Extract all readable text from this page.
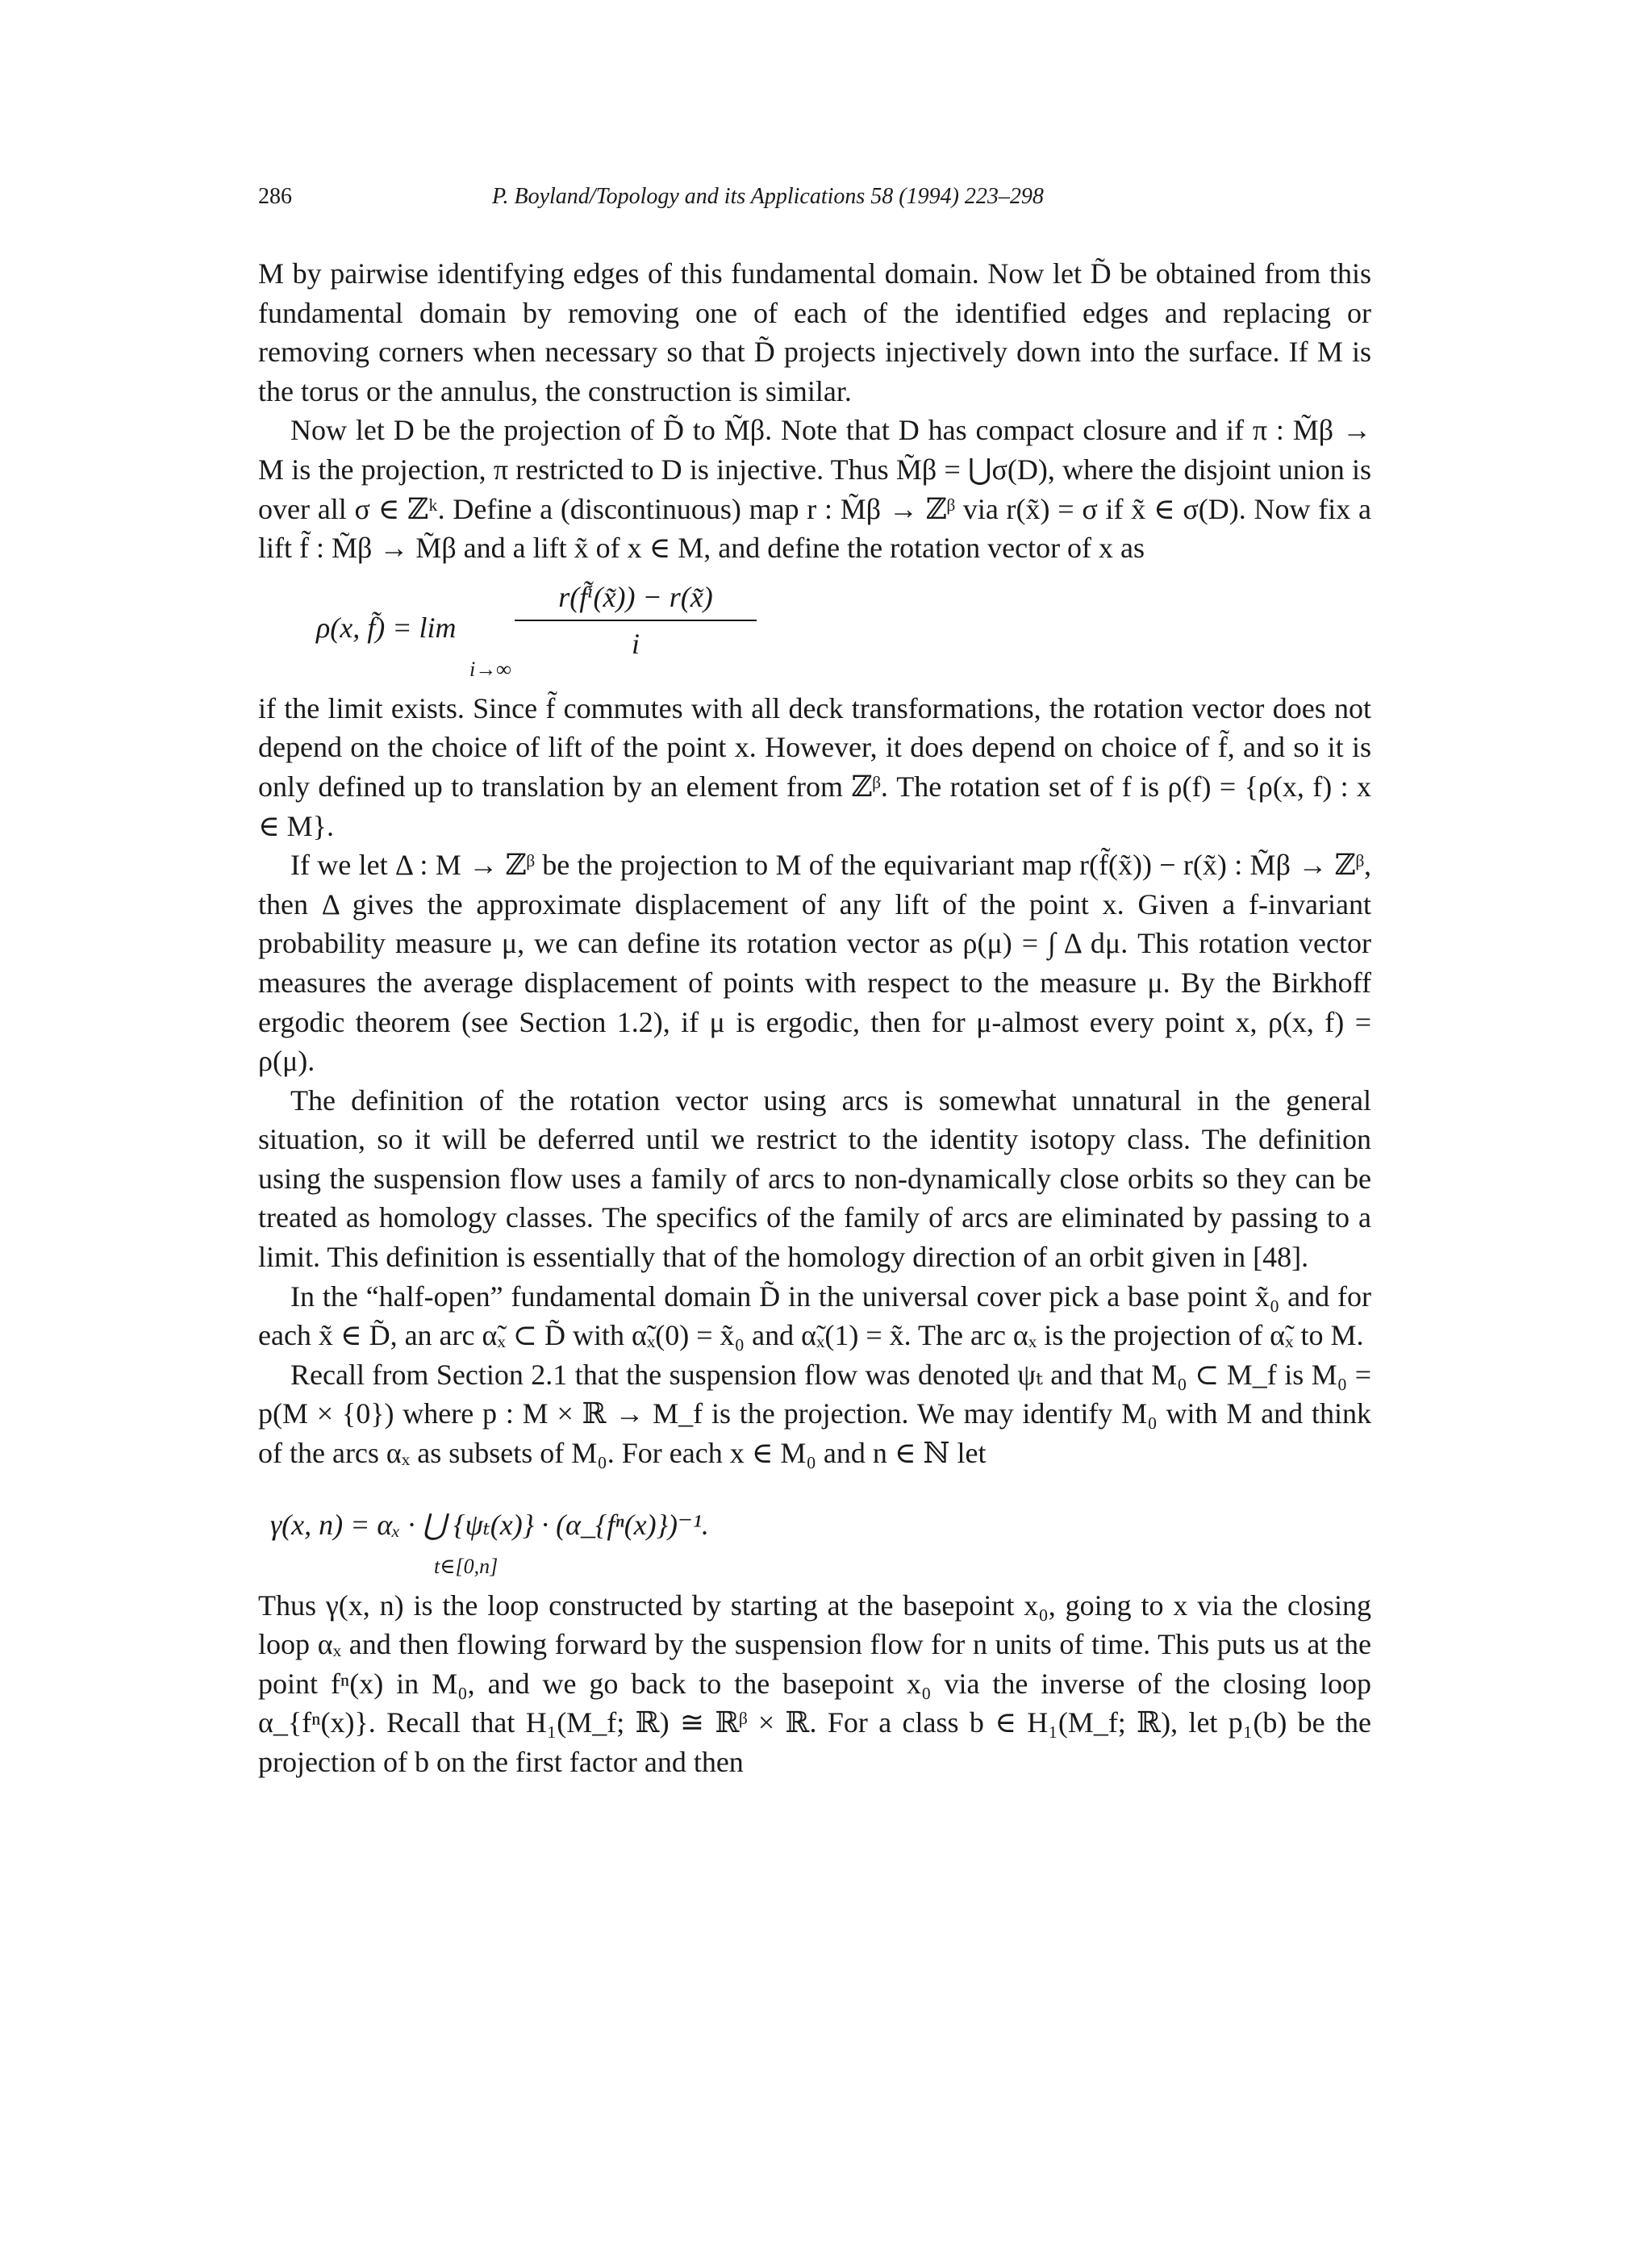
286	P. Boyland/Topology and its Applications 58 (1994) 223–298

M by pairwise identifying edges of this fundamental domain. Now let D̃ be obtained from this fundamental domain by removing one of each of the identified edges and replacing or removing corners when necessary so that D̃ projects injectively down into the surface. If M is the torus or the annulus, the construction is similar.

Now let D be the projection of D̃ to M̃β. Note that D has compact closure and if π : M̃β → M is the projection, π restricted to D is injective. Thus M̃β = ⋃σ(D), where the disjoint union is over all σ ∈ ℤᵏ. Define a (discontinuous) map r : M̃β → ℤᵝ via r(x̃) = σ if x̃ ∈ σ(D). Now fix a lift f̃ : M̃β → M̃β and a lift x̃ of x ∈ M, and define the rotation vector of x as

ρ(x, f̃) = lim
i→∞
r(f̃ⁱ(x̃)) − r(x̃)
i

if the limit exists. Since f̃ commutes with all deck transformations, the rotation vector does not depend on the choice of lift of the point x. However, it does depend on choice of f̃, and so it is only defined up to translation by an element from ℤᵝ. The rotation set of f is ρ(f) = {ρ(x, f) : x ∈ M}.

If we let Δ : M → ℤᵝ be the projection to M of the equivariant map r(f̃(x̃)) − r(x̃) : M̃β → ℤᵝ, then Δ gives the approximate displacement of any lift of the point x. Given a f-invariant probability measure μ, we can define its rotation vector as ρ(μ) = ∫ Δ dμ. This rotation vector measures the average displacement of points with respect to the measure μ. By the Birkhoff ergodic theorem (see Section 1.2), if μ is ergodic, then for μ-almost every point x, ρ(x, f) = ρ(μ).

The definition of the rotation vector using arcs is somewhat unnatural in the general situation, so it will be deferred until we restrict to the identity isotopy class. The definition using the suspension flow uses a family of arcs to non-dynamically close orbits so they can be treated as homology classes. The specifics of the family of arcs are eliminated by passing to a limit. This definition is essentially that of the homology direction of an orbit given in [48].

In the “half-open” fundamental domain D̃ in the universal cover pick a base point x̃₀ and for each x̃ ∈ D̃, an arc α̃ₓ ⊂ D̃ with α̃ₓ(0) = x̃₀ and α̃ₓ(1) = x̃. The arc αₓ is the projection of α̃ₓ to M.

Recall from Section 2.1 that the suspension flow was denoted ψₜ and that M₀ ⊂ M_f is M₀ = p(M × {0}) where p : M × ℝ → M_f is the projection. We may identify M₀ with M and think of the arcs αₓ as subsets of M₀. For each x ∈ M₀ and n ∈ ℕ let

γ(x, n) = αₓ · ⋃ {ψₜ(x)} · (α_{fⁿ(x)})⁻¹.
t∈[0,n]

Thus γ(x, n) is the loop constructed by starting at the basepoint x₀, going to x via the closing loop αₓ and then flowing forward by the suspension flow for n units of time. This puts us at the point fⁿ(x) in M₀, and we go back to the basepoint x₀ via the inverse of the closing loop α_{fⁿ(x)}. Recall that H₁(M_f; ℝ) ≅ ℝᵝ × ℝ. For a class b ∈ H₁(M_f; ℝ), let p₁(b) be the projection of b on the first factor and then
